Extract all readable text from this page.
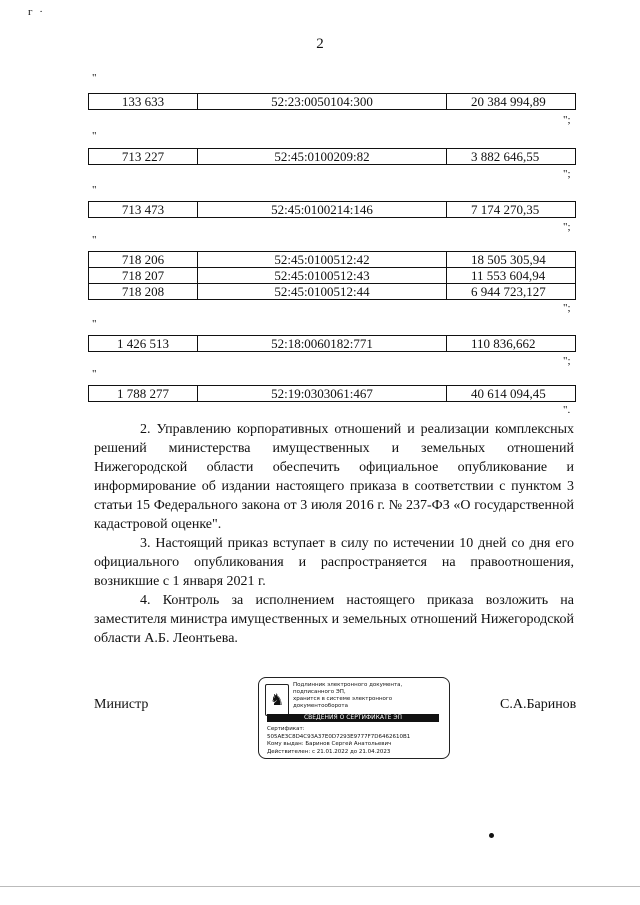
г ·
2
"
133 633	52:23:0050104:300	20 384 994,89
";
"
713 227	52:45:0100209:82	3 882 646,55
";
"
713 473	52:45:0100214:146	7 174 270,35
";
"
718 206	52:45:0100512:42	18 505 305,94
718 207	52:45:0100512:43	11 553 604,94
718 208	52:45:0100512:44	6 944 723,127
";
"
1 426 513	52:18:0060182:771	110 836,662
";
"
1 788 277	52:19:0303061:467	40 614 094,45
".

2. Управлению корпоративных отношений и реализации комплексных решений министерства имущественных и земельных отношений Нижегородской области обеспечить официальное опубликование и информирование об издании настоящего приказа в соответствии с пунктом 3 статьи 15 Федерального закона от 3 июля 2016 г. № 237-ФЗ «О государственной кадастровой оценке".

3. Настоящий приказ вступает в силу по истечении 10 дней со дня его официального опубликования и распространяется на правоотношения, возникшие с 1 января 2021 г.

4. Контроль за исполнением настоящего приказа возложить на заместителя министра имущественных и земельных отношений Нижегородской области А.Б. Леонтьева.

Министр	С.А.Баринов
♞
Подлинник электронного документа, подписанного ЭП,
хранится в системе электронного документооборота
СВЕДЕНИЯ О СЕРТИФИКАТЕ ЭП
Сертификат: 505AE3C8D4C93A37E0D7293E9777F7D6462610B1
Кому выдан: Баринов Сергей Анатольевич
Действителен: с 21.01.2022 до 21.04.2023
